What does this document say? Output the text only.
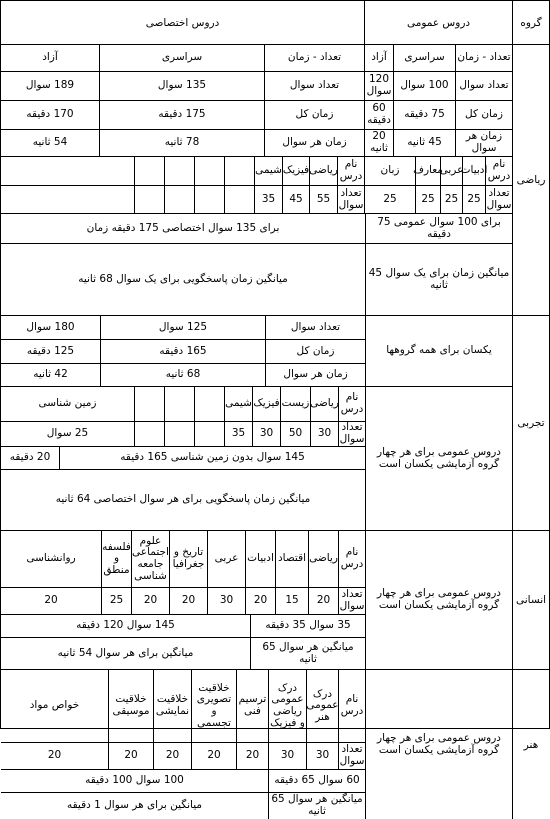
گروه
دروس عمومی
دروس اختصاصی
ریاضی
تعداد - زمان
سراسری
آزاد
تعداد سوال
100 سوال
120 سوال
زمان کل
75 دقیقه
60 دقیقه
زمان هر سوال
45 ثانیه
20 ثانیه
تعداد - زمان
سراسری
آزاد
تعداد سوال
135 سوال
189 سوال
زمان کل
175 دقیقه
170 دقیقه
زمان هر سوال
78 ثانیه
54 ثانیه
نام درس
ادبیات
عربی
معارف
زبان
تعداد سوال
25
25
25
25
نام درس
ریاضی
فیزیک
شیمی
تعداد سوال
55
45
35
برای 100 سوال عمومی 75 دقیقه
برای 135 سوال اختصاصی 175 دقیقه زمان
میانگین زمان برای یک سوال 45 ثانیه
میانگین زمان پاسخگویی برای یک سوال 68 ثانیه
تجربی
یکسان برای همه گروهها
تعداد سوال
125 سوال
180 سوال
زمان کل
165 دقیقه
125 دقیقه
زمان هر سوال
68 ثانیه
42 ثانیه
دروس عمومی برای هر چهار گروه آزمایشی یکسان است
نام درس
ریاضی
زیست
فیزیک
شیمی
زمین شناسی
تعداد سوال
30
50
30
35
25 سوال
145 سوال بدون زمین شناسی 165 دقیقه
20 دقیقه
میانگین زمان پاسخگویی برای هر سوال اختصاصی 64 ثانیه
انسانی
دروس عمومی برای هر چهار گروه آزمایشی یکسان است
نام درس
ریاضی
اقتصاد
ادبیات
عربی
تاریخ و جغرافیا
علوم اجتماعی جامعه شناسی
فلسفه و منطق
روانشناسی
تعداد سوال
20
15
20
30
20
20
25
20
35 سوال 35 دقیقه
145 سوال 120 دقیقه
میانگین هر سوال 65 ثانیه
میانگین برای هر سوال 54 ثانیه
هنر
دروس عمومی برای هر چهار گروه آزمایشی یکسان است
نام درس
درک عمومی هنر
درک عمومی ریاضی و فیزیک
ترسیم فنی
خلاقیت تصویری و تجسمی
خلاقیت نمایشی
خلاقیت موسیقی
خواص مواد
تعداد سوال
30
30
20
20
20
20
20
60 سوال 65 دقیقه
100 سوال 100 دقیقه
میانگین هر سوال 65 ثانیه
میانگین برای هر سوال 1 دقیقه
